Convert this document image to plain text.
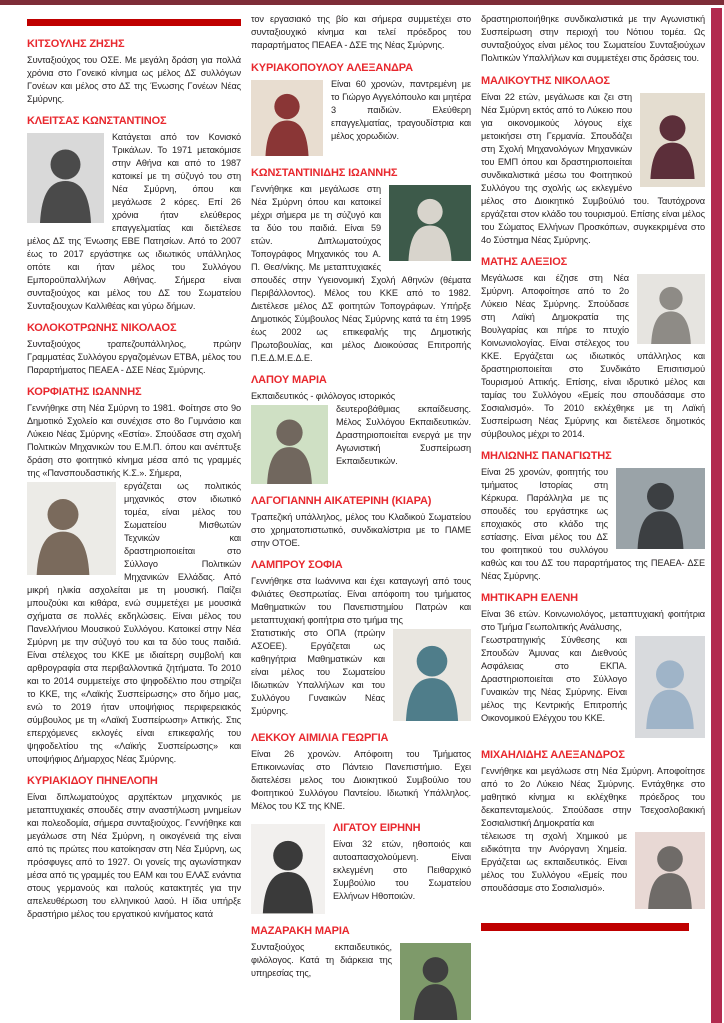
ΚΙΤΣΟΥΛΗΣ ΖΗΣΗΣ

Συνταξιούχος του ΟΣΕ. Με μεγάλη δράση για πολλά χρόνια στο Γονεικό κίνημα ως μέλος ΔΣ συλλόγων Γονέων και μέλος στο ΔΣ της Ένωσης Γονέων Νέας Σμύρνης.

ΚΛΕΙΤΣΑΣ ΚΩΝΣΤΑΝΤΙΝΟΣ

Κατάγεται από τον Κονισκό Τρικάλων. Το 1971 μετακόμισε στην Αθήνα και από το 1987 κατοικεί με τη σύζυγό του στη Νέα Σμύρνη, όπου και μεγάλωσε 2 κόρες. Επί 26 χρόνια ήταν ελεύθερος επαγγελματίας και διετέλεσε μέλος ΔΣ της Ένωσης ΕΒΕ Πατησίων. Από το 2007 έως το 2017 εργάστηκε ως ιδιωτικός υπάλληλος οπότε και ήταν μέλος του Συλλόγου Εμποροϋπαλλήλων Αθήνας. Σήμερα είναι συνταξιούχος και μέλος του ΔΣ του Σωματείου Συνταξιουχων Καλλιθέας και γύρω δήμων.

ΚΟΛΟΚΟΤΡΩΝΗΣ ΝΙΚΟΛΑΟΣ

Συνταξιούχος τραπεζουπάλληλος, πρώην Γραμματέας Συλλόγου εργαζομένων ΕΤΒΑ, μέλος του Παραρτήματος ΠΕΑΕΑ - ΔΣΕ Νέας Σμύρνης.

ΚΟΡΦΙΑΤΗΣ ΙΩΑΝΝΗΣ

Γεννήθηκε στη Νέα Σμύρνη το 1981. Φοίτησε στο 9ο Δημοτικό Σχολείο και συνέχισε στο 8ο Γυμνάσιο και Λύκειο Νέας Σμύρνης «Εστία». Σπούδασε στη σχολή Πολιτικών Μηχανικών του Ε.Μ.Π. όπου και ανέπτυξε δράση στο φοιτητικό κίνημα μέσα από τις γραμμές της «Πανσπουδαστικής Κ.Σ.». Σήμερα,

εργάζεται ως πολιτικός μηχανικός στον ιδιωτικό τομέα, είναι μέλος του Σωματείου Μισθωτών Τεχνικών και δραστηριοποιείται στο Σύλλογο Πολιτικών Μηχανικών Ελλάδας. Από μικρή ηλικία ασχολείται με τη μουσική. Παίζει μπουζούκι και κιθάρα, ενώ συμμετέχει με μουσικά σχήματα σε πολλές εκδηλώσεις. Είναι μέλος του Πανελλήνιου Μουσικού Συλλόγου. Κατοικεί στην Νέα Σμύρνη με την σύζυγό του και τα δύο τους παιδιά. Είναι στέλεχος του ΚΚΕ με ιδιαίτερη συμβολή και αρθρογραφία στα περιβαλλοντικά ζητήματα. Το 2010 και το 2014 συμμετείχε στο ψηφοδέλτιο που στηρίζει το ΚΚΕ, της «Λαϊκής Συσπείρωσης» στο δήμο μας, ενώ το 2019 ήταν υποψήφιος περιφερειακός σύμβουλος με τη «Λαϊκή Συσπείρωση» Αττικής. Στις επερχόμενες εκλογές είναι επικεφαλής του ψηφοδελτίου της «Λαϊκής Συσπείρωσης» και υποψήφιος Δήμαρχος Νέας Σμύρνης.

ΚΥΡΙΑΚΙΔΟΥ ΠΗΝΕΛΟΠΗ

Είναι διπλωματούχος αρχιτέκτων μηχανικός με μεταπτυχιακές σπουδές στην αναστήλωση μνημείων και πολεοδομία, σήμερα συνταξιούχος. Γεννήθηκε και μεγάλωσε στη Νέα Σμύρνη, η οικογένειά της είναι από τις πρώτες που κατοίκησαν στη Νέα Σμύρνη, ως πρόσφυγες από το 1927. Οι γονείς της αγωνίστηκαν μέσα από τις γραμμές του ΕΑΜ και του ΕΛΑΣ ενάντια στους γερμανούς και ιταλούς κατακτητές για την απελευθέρωση του ελληνικού λαού. Η ίδια υπήρξε δραστήριο μέλος του εργατικού κινήματος κατά

τον εργασιακό της βίο και σήμερα συμμετέχει στο συνταξιουχικό κίνημα και τελεί πρόεδρος του παραρτήματος ΠΕΑΕΑ - ΔΣΕ της Νέας Σμύρνης.

ΚΥΡΙΑΚΟΠΟΥΛΟΥ ΑΛΕΞΑΝΔΡΑ

Είναι 60 χρονών, παντρεμένη με το Γιώργο Αγγελόπουλο και μητέρα 3 παιδιών. Ελεύθερη επαγγελματίας, τραγουδίστρια και μέλος χορωδιών.

ΚΩΝΣΤΑΝΤΙΝΙΔΗΣ ΙΩΑΝΝΗΣ

Γεννήθηκε και μεγάλωσε στη Νέα Σμύρνη όπου και κατοικεί μέχρι σήμερα με τη σύζυγό και τα δύο του παιδιά. Είναι 59 ετών. Διπλωματούχος Τοπογράφος Μηχανικός του Α. Π. Θεσ/νίκης. Με μεταπτυχιακές σπουδές στην Υγειονομική Σχολή Αθηνών (θέματα Περιβάλλοντος). Μέλος του ΚΚΕ από το 1982. Διετέλεσε μέλος ΔΣ φοιτητών Τοπογράφων. Υπήρξε Δημοτικός Σύμβουλος Νέας Σμύρνης κατά τα έτη 1995 έως 2002 ως επικεφαλής της Δημοτικής Πρωτοβουλίας, και μέλος Διοικούσας Επιτροπής Π.Ε.Δ.Μ.Ε.Δ.Ε.

ΛΑΠΟΥ ΜΑΡΙΑ

Εκπαιδευτικός - φιλόλογος ιστορικός

δευτεροβάθμιας εκπαίδευσης. Μέλος Συλλόγου Εκπαιδευτικών. Δραστηριοποιείται ενεργά με την Αγωνιστική Συσπείρωση Εκπαιδευτικών.

ΛΑΓΟΓΙΑΝΝΗ ΑΙΚΑΤΕΡΙΝΗ (ΚΙΑΡΑ)

Τραπεζική υπάλληλος, μέλος του Κλαδικού Σωματείου στο χρηματοπιστωτικό, συνδικαλίστρια με το ΠΑΜΕ στην ΟΤΟΕ.

ΛΑΜΠΡΟΥ ΣΟΦΙΑ

Γεννήθηκε στα Ιωάννινα και έχει καταγωγή από τους Φιλιάτες Θεσπρωτίας. Είναι απόφοιτη του τμήματος Μαθηματικών του Πανεπιστημίου Πατρών και μεταπτυχιακή φοιτήτρια στο τμήμα της

Στατιστικής στο ΟΠΑ (πρώην ΑΣΟΕΕ). Εργάζεται ως καθηγήτρια Μαθηματικών και είναι μέλος του Σωματείου Ιδιωτικών Υπαλλήλων και του Συλλόγου Γυναικών Νέας Σμύρνης.

ΛΕΚΚΟΥ ΑΙΜΙΛΙΑ ΓΕΩΡΓΙΑ

Είναι 26 χρονών. Απόφοιτη του Τμήματος Επικοινωνίας στο Πάντειο Πανεπιστήμιο. Εχει διατελέσει μελος του Διοικητικού Συμβούλιο του Φοιτητικού Συλλόγου Παντείου. Ιδιωτική Υπάλληλος. Μέλος του ΚΣ της ΚΝΕ.

ΛΙΓΑΤΟΥ ΕΙΡΗΝΗ

Είναι 32 ετών, ηθοποιός και αυτοαπασχολούμενη. Είναι εκλεγμένη στο Πειθαρχικό Συμβούλιο του Σωματείου Ελλήνων Ηθοποιών.

ΜΑΖΑΡΑΚΗ ΜΑΡΙΑ

Συνταξιούχος εκπαιδευτικός, φιλόλογος. Κατά τη διάρκεια της υπηρεσίας της,

δραστηριοποιήθηκε συνδικαλιστικά με την Αγωνιστική Συσπείρωση στην περιοχή του Νότιου τομέα. Ως συνταξιούχος είναι μέλος του Σωματείου Συνταξιούχων Πολιτικών Υπαλλήλων και συμμετέχει στις δράσεις του.

ΜΑΛΙΚΟΥΤΗΣ ΝΙΚΟΛΑΟΣ

Είναι 22 ετών, μεγάλωσε και ζει στη Νέα Σμύρνη εκτός από το Λύκειο που για οικονομικούς λόγους είχε μετοικήσει στη Γερμανία. Σπουδάζει στη Σχολή Μηχανολόγων Μηχανικών του ΕΜΠ όπου και δραστηριοποιείται συνδικαλιστικά μέσω του Φοιτητικού Συλλόγου της σχολής ως εκλεγμένο μέλος στο Διοικητικό Συμβούλιό του. Ταυτόχρονα εργάζεται στον κλάδο του τουρισμού. Επίσης είναι μέλος του Σώματος Ελλήνων Προσκόπων, συγκεκριμένα στο 4ο Σύστημα Νέας Σμύρνης.

ΜΑΤΗΣ ΑΛΕΞΙΟΣ

Μεγάλωσε και έζησε στη Νέα Σμύρνη. Αποφοίτησε από το 2ο Λύκειο Νέας Σμύρνης. Σπούδασε στη Λαϊκή Δημοκρατία της Βουλγαρίας και πήρε το πτυχίο Κοινωνιολογίας. Είναι στέλεχος του ΚΚΕ. Εργάζεται ως ιδιωτικός υπάλληλος και δραστηριοποιείται στο Συνδικάτο Επισιτισμού Τουρισμού Αττικής. Επίσης, είναι ιδρυτικό μέλος και ταμίας του Συλλόγου «Εμείς που σπουδάσαμε στο Σοσιαλισμό». Το 2010 εκλέχθηκε με τη Λαϊκή Συσπείρωση Νέας Σμύρνης και διετέλεσε δημοτικός σύμβουλος μέχρι το 2014.

ΜΗΛΙΩΝΗΣ ΠΑΝΑΓΙΩΤΗΣ

Είναι 25 χρονών, φοιτητής του τμήματος Ιστορίας στη Κέρκυρα. Παράλληλα με τις σπουδές του εργάστηκε ως εποχιακός στο κλάδο της εστίασης. Είναι μέλος του ΔΣ του φοιτητικού του συλλόγου καθώς και του ΔΣ του παραρτήματος της ΠΕΑΕΑ- ΔΣΕ Νέας Σμύρνης.

ΜΗΤΙΚΑΡΗ ΕΛΕΝΗ

Είναι 36 ετών. Κοινωνιολόγος, μεταπτυχιακή φοιτήτρια στο Τμήμα Γεωπολιτικής Ανάλυσης,

Γεωστρατηγικής Σύνθεσης και Σπουδών Άμυνας και Διεθνούς Ασφάλειας στο ΕΚΠΑ. Δραστηριοποιείται στο Σύλλογο Γυναικών της Νέας Σμύρνης. Είναι μέλος της Κεντρικής Επιτροπής Οικονομικού Ελέγχου του ΚΚΕ.

ΜΙΧΑΗΛΙΔΗΣ ΑΛΕΞΑΝΔΡΟΣ

Γεννήθηκε και μεγάλωσε στη Νέα Σμύρνη. Αποφοίτησε από το 2ο Λύκειο Νέας Σμύρνης. Εντάχθηκε στο μαθητικό κίνημα κι εκλέχθηκε πρόεδρος του δεκαπενταμελούς. Σπούδασε στην Τσεχοσλοβακική Σοσιαλιστική Δημοκρατία και

τέλειωσε τη σχολή Χημικού με ειδικότητα την Ανόργανη Χημεία. Εργάζεται ως εκπαιδευτικός. Είναι μέλος του Συλλόγου «Εμείς που σπουδάσαμε στο Σοσιαλισμό».
